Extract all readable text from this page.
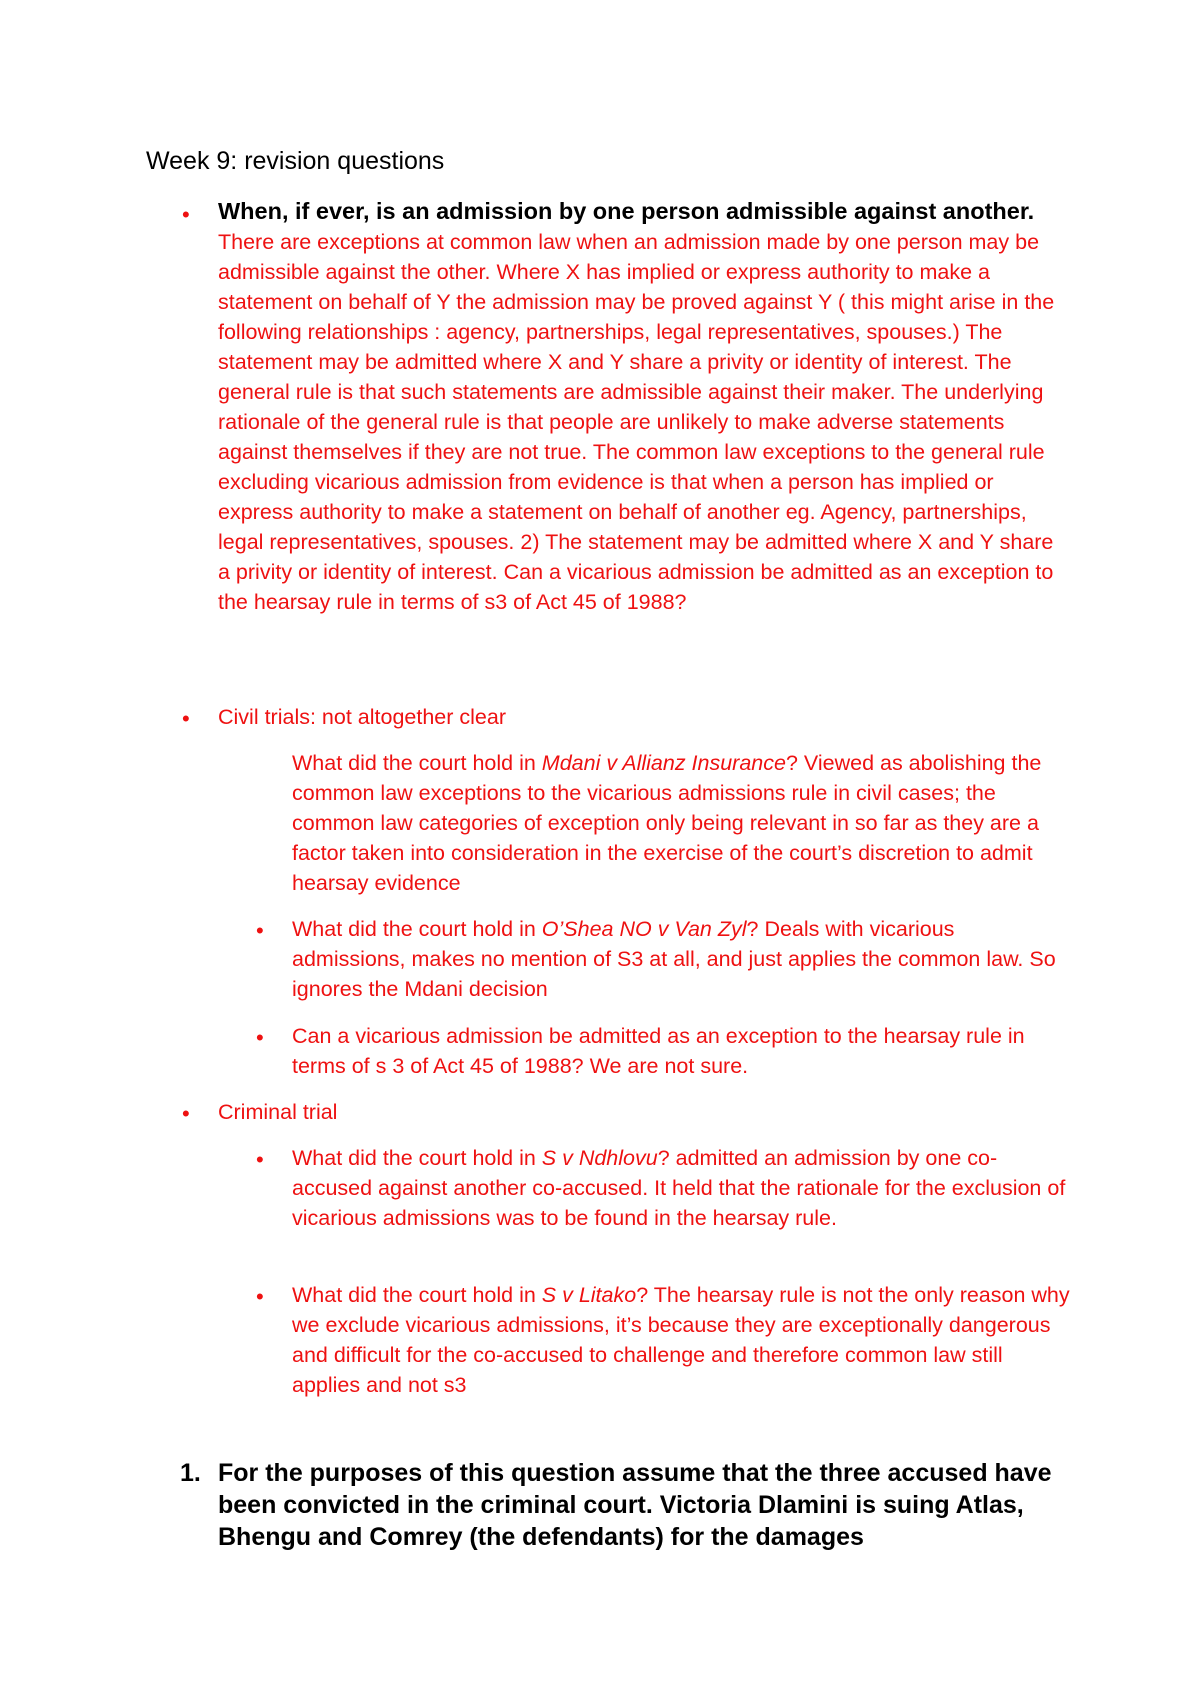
Week 9: revision questions
• When, if ever, is an admission by one person admissible against another. There are exceptions at common law when an admission made by one person may be admissible against the other. Where X has implied or express authority to make a statement on behalf of Y the admission may be proved against Y ( this might arise in the following relationships : agency, partnerships, legal representatives, spouses.) The statement may be admitted where X and Y share a privity or identity of interest. The general rule is that such statements are admissible against their maker. The underlying rationale of the general rule is that people are unlikely to make adverse statements against themselves if they are not true. The common law exceptions to the general rule excluding vicarious admission from evidence is that when a person has implied or express authority to make a statement on behalf of another eg. Agency, partnerships, legal representatives, spouses. 2) The statement may be admitted where X and Y share a privity or identity of interest. Can a vicarious admission be admitted as an exception to the hearsay rule in terms of s3 of Act 45 of 1988?

• Civil trials: not altogether clear

What did the court hold in Mdani v Allianz Insurance? Viewed as abolishing the common law exceptions to the vicarious admissions rule in civil cases; the common law categories of exception only being relevant in so far as they are a factor taken into consideration in the exercise of the court’s discretion to admit hearsay evidence

• What did the court hold in O’Shea NO v Van Zyl? Deals with vicarious admissions, makes no mention of S3 at all, and just applies the common law. So ignores the Mdani decision

• Can a vicarious admission be admitted as an exception to the hearsay rule in terms of s 3 of Act 45 of 1988? We are not sure.

• Criminal trial

• What did the court hold in S v Ndhlovu? admitted an admission by one co-accused against another co-accused. It held that the rationale for the exclusion of vicarious admissions was to be found in the hearsay rule.

• What did the court hold in S v Litako? The hearsay rule is not the only reason why we exclude vicarious admissions, it’s because they are exceptionally dangerous and difficult for the co-accused to challenge and therefore common law still applies and not s3

1. For the purposes of this question assume that the three accused have been convicted in the criminal court. Victoria Dlamini is suing Atlas, Bhengu and Comrey (the defendants) for the damages
